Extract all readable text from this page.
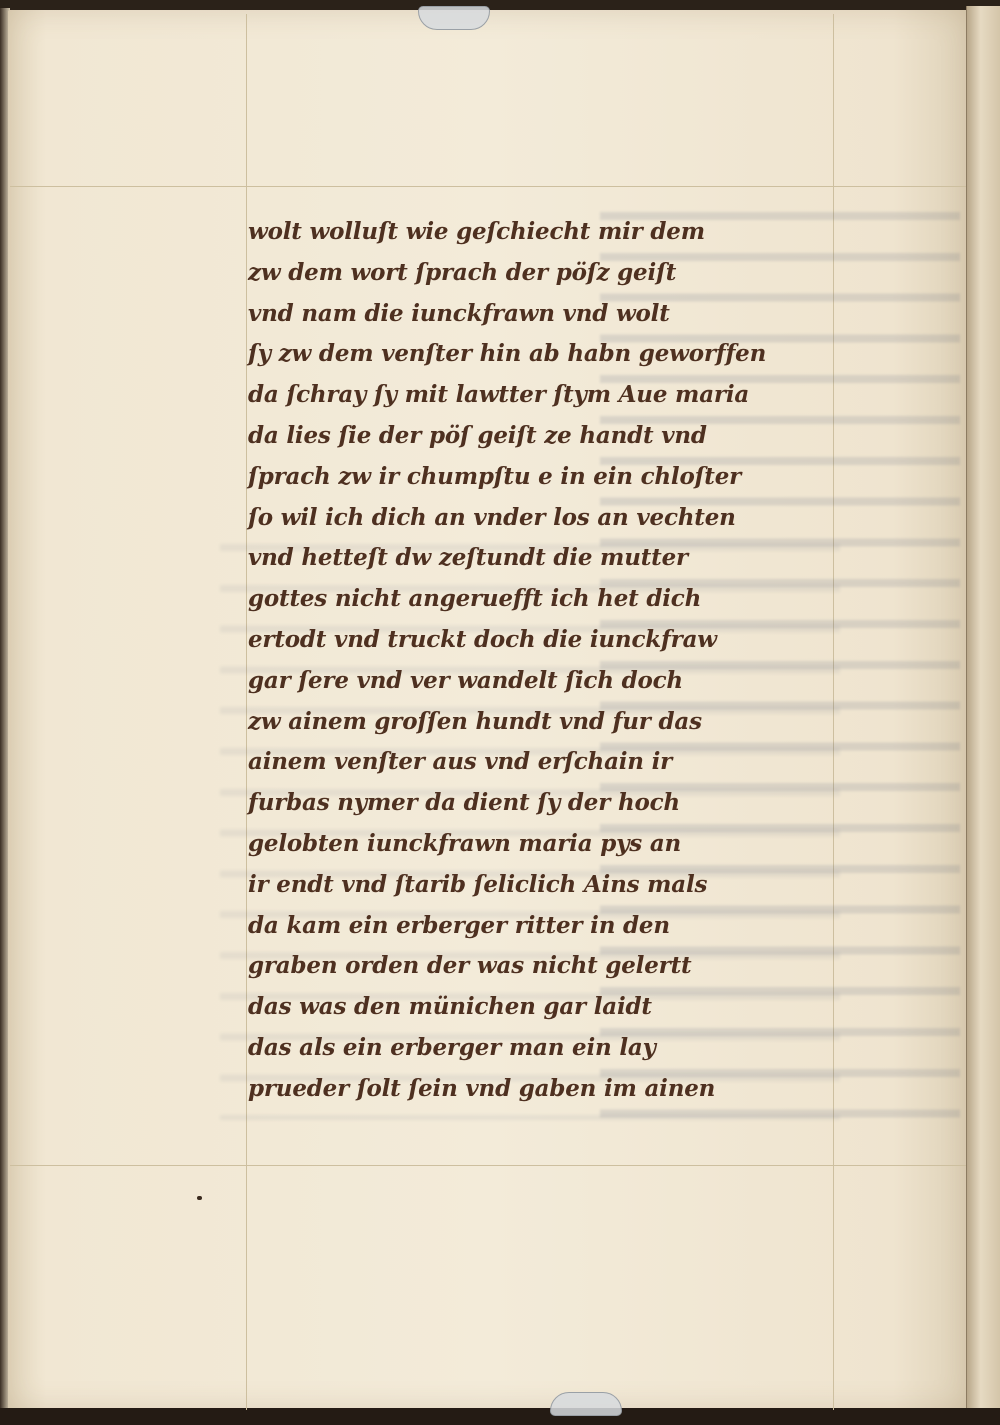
wolt wolluſt wie geſchiecht mir dem
zw dem wort ſprach der pöſz geiſt
vnd nam die iunckfrawn vnd wolt
ſy zw dem venſter hin ab habn geworffen
da ſchray ſy mit lawtter ſtym Aue maria
da lies ſie der pöſ geiſt ze handt vnd
ſprach zw ir chumpſtu e in ein chloſter
ſo wil ich dich an vnder los an vechten
vnd hetteſt dw zeſtundt die mutter
gottes nicht angeruefft ich het dich
ertodt vnd truckt doch die iunckfraw
gar ſere vnd ver wandelt ſich doch
zw ainem groſſen hundt vnd fur das
ainem venſter aus vnd erſchain ir
furbas nymer da dient ſy der hoch
gelobten iunckfrawn maria pys an
ir endt vnd ſtarib ſeliclich Ains mals
da kam ein erberger ritter in den
graben orden der was nicht gelertt
das was den münichen gar laidt
das als ein erberger man ein lay
prueder ſolt ſein vnd gaben im ainen
